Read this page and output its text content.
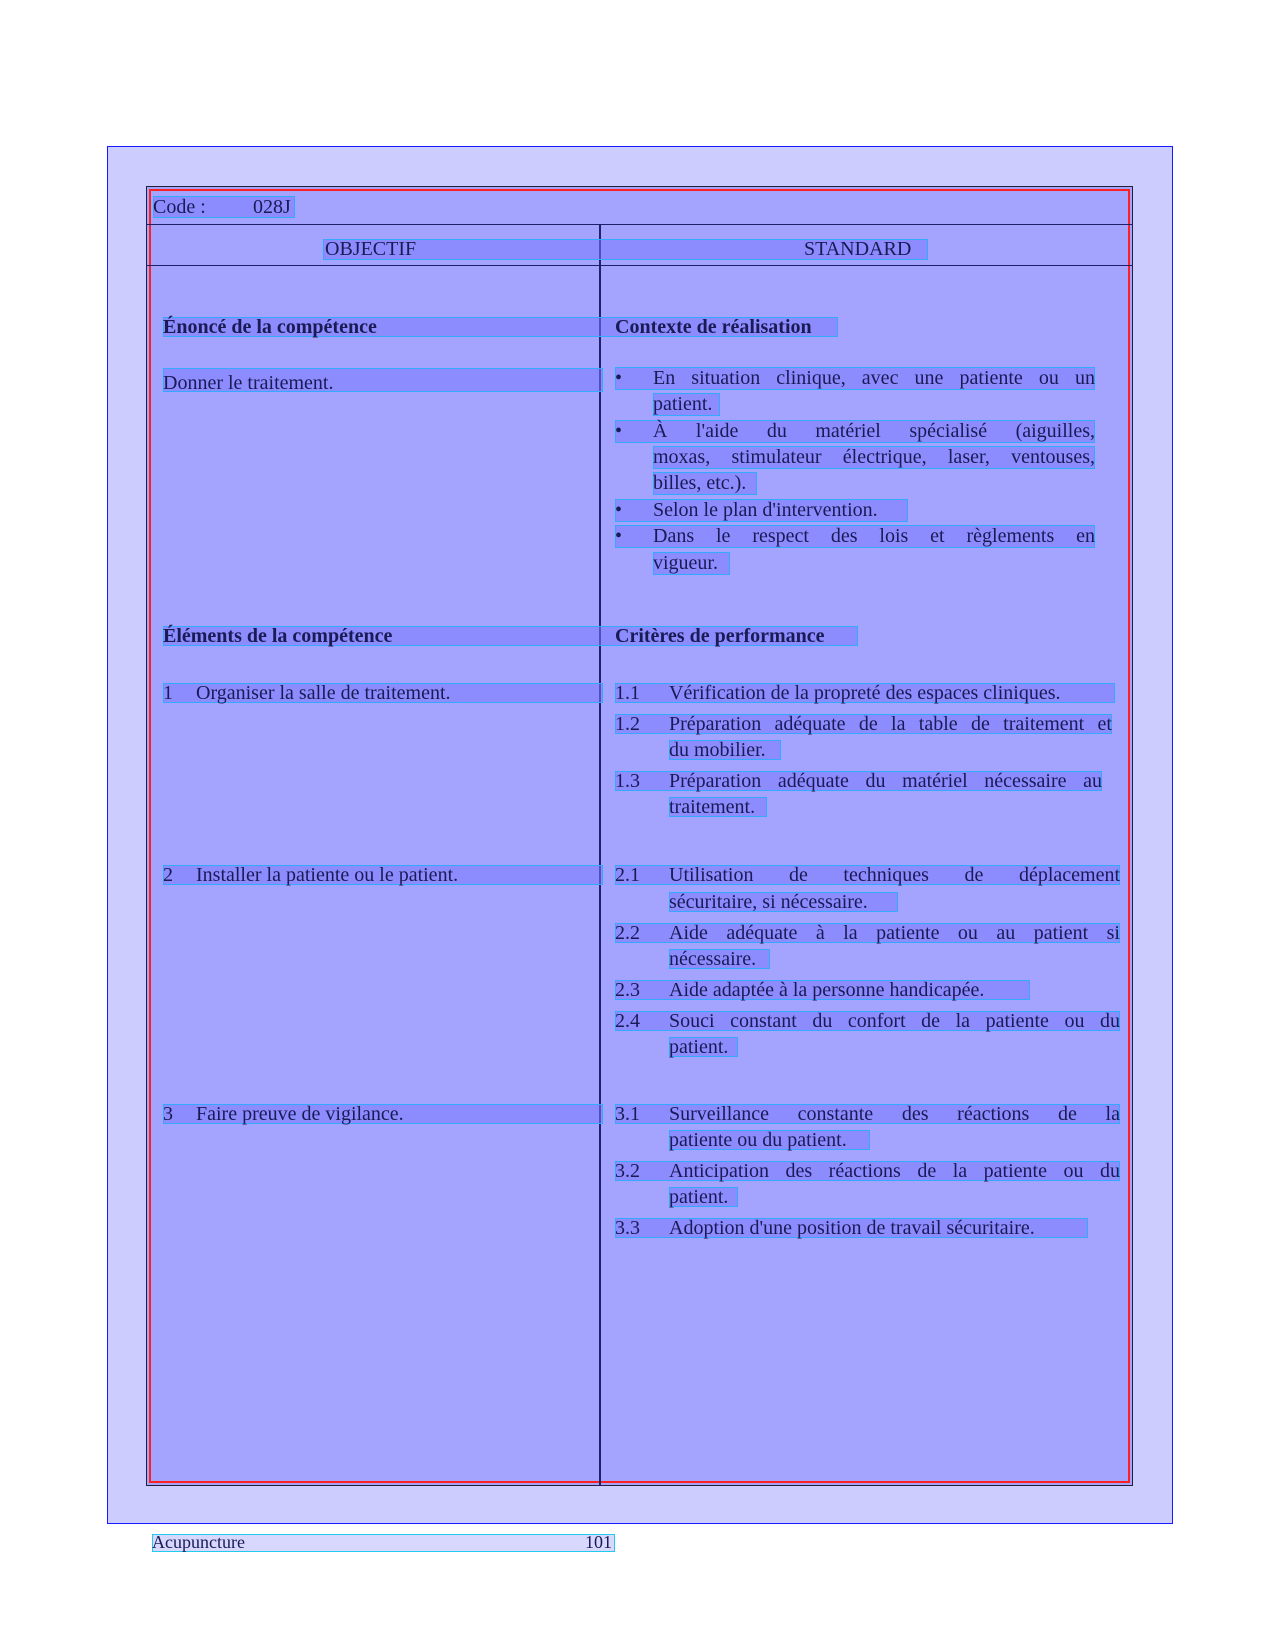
Code : 028J
OBJECTIF	STANDARD
Énoncé de la compétence
Donner le traitement.
Éléments de la compétence
1 Organiser la salle de traitement.
2 Installer la patiente ou le patient.
3 Faire preuve de vigilance.
Contexte de réalisation
• En situation clinique, avec une patiente ou un
patient.
• À l'aide du matériel spécialisé (aiguilles,
moxas, stimulateur électrique, laser, ventouses,
billes, etc.).
• Selon le plan d'intervention.
• Dans le respect des lois et règlements en
vigueur.
Critères de performance
1.1 Vérification de la propreté des espaces cliniques.
1.2 Préparation adéquate de la table de traitement et
du mobilier.
1.3 Préparation adéquate du matériel nécessaire au
traitement.
2.1 Utilisation de techniques de déplacement
sécuritaire, si nécessaire.
2.2 Aide adéquate à la patiente ou au patient si
nécessaire.
2.3 Aide adaptée à la personne handicapée.
2.4 Souci constant du confort de la patiente ou du
patient.
3.1 Surveillance constante des réactions de la
patiente ou du patient.
3.2 Anticipation des réactions de la patiente ou du
patient.
3.3 Adoption d'une position de travail sécuritaire.
Acupuncture	101
